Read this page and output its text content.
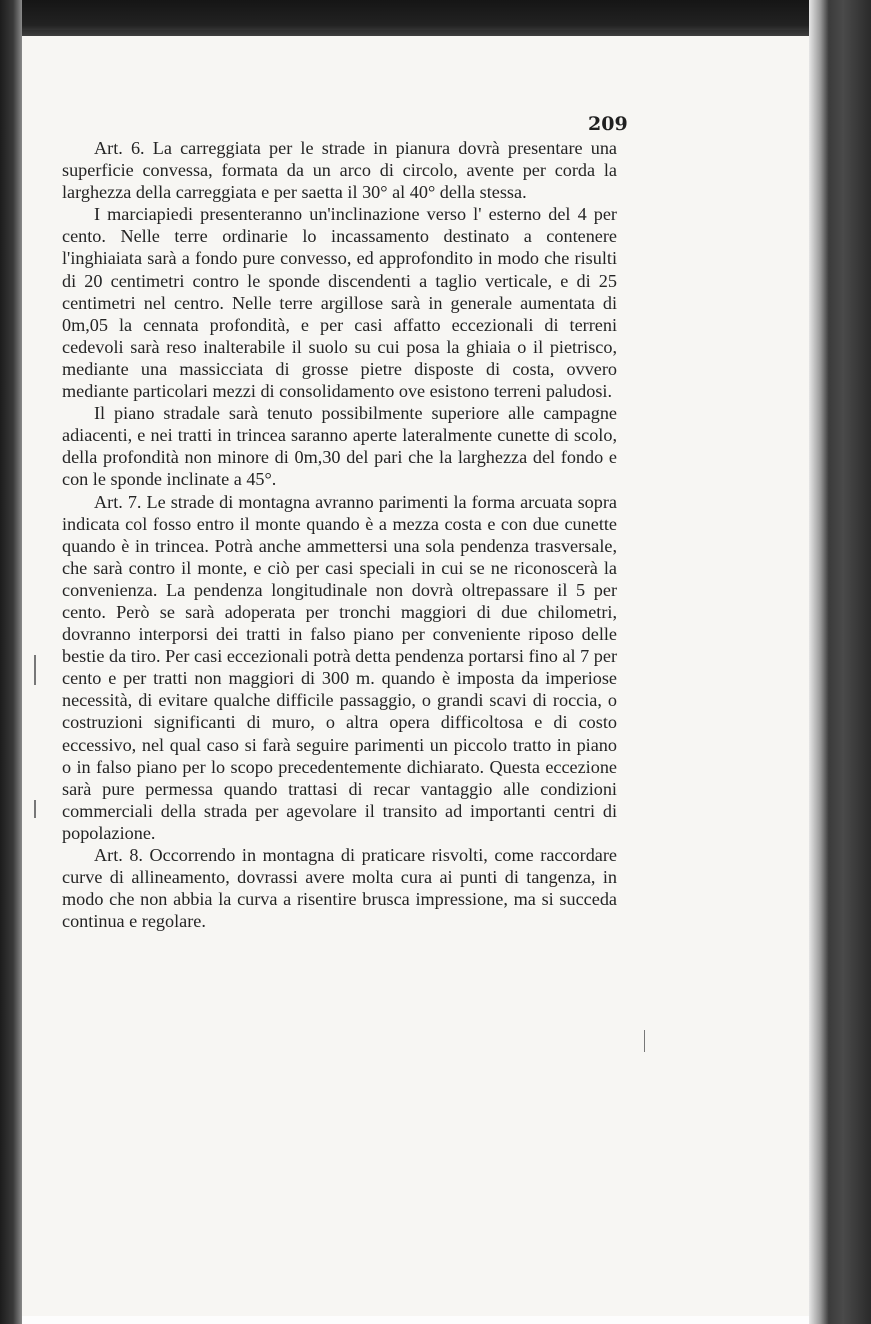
209

Art. 6. La carreggiata per le strade in pianura dovrà presentare una superficie convessa, formata da un arco di circolo, avente per corda la larghezza della carreggiata e per saetta il 30° al 40° della stessa.

I marciapiedi presenteranno un'inclinazione verso l' esterno del 4 per cento. Nelle terre ordinarie lo incassamento destinato a contenere l'inghiaiata sarà a fondo pure convesso, ed approfondito in modo che risulti di 20 centimetri contro le sponde discendenti a taglio verticale, e di 25 centimetri nel centro. Nelle terre argillose sarà in generale aumentata di 0m,05 la cennata profondità, e per casi affatto eccezionali di terreni cedevoli sarà reso inalterabile il suolo su cui posa la ghiaia o il pietrisco, mediante una massicciata di grosse pietre disposte di costa, ovvero mediante particolari mezzi di consolidamento ove esistono terreni paludosi.

Il piano stradale sarà tenuto possibilmente superiore alle campagne adiacenti, e nei tratti in trincea saranno aperte lateralmente cunette di scolo, della profondità non minore di 0m,30 del pari che la larghezza del fondo e con le sponde inclinate a 45°.

Art. 7. Le strade di montagna avranno parimenti la forma arcuata sopra indicata col fosso entro il monte quando è a mezza costa e con due cunette quando è in trincea. Potrà anche ammettersi una sola pendenza trasversale, che sarà contro il monte, e ciò per casi speciali in cui se ne riconoscerà la convenienza. La pendenza longitudinale non dovrà oltrepassare il 5 per cento. Però se sarà adoperata per tronchi maggiori di due chilometri, dovranno interporsi dei tratti in falso piano per conveniente riposo delle bestie da tiro. Per casi eccezionali potrà detta pendenza portarsi fino al 7 per cento e per tratti non maggiori di 300 m. quando è imposta da imperiose necessità, di evitare qualche difficile passaggio, o grandi scavi di roccia, o costruzioni significanti di muro, o altra opera difficoltosa e di costo eccessivo, nel qual caso si farà seguire parimenti un piccolo tratto in piano o in falso piano per lo scopo precedentemente dichiarato. Questa eccezione sarà pure permessa quando trattasi di recar vantaggio alle condizioni commerciali della strada per agevolare il transito ad importanti centri di popolazione.

Art. 8. Occorrendo in montagna di praticare risvolti, come raccordare curve di allineamento, dovrassi avere molta cura ai punti di tangenza, in modo che non abbia la curva a risentire brusca impressione, ma si succeda continua e regolare.
